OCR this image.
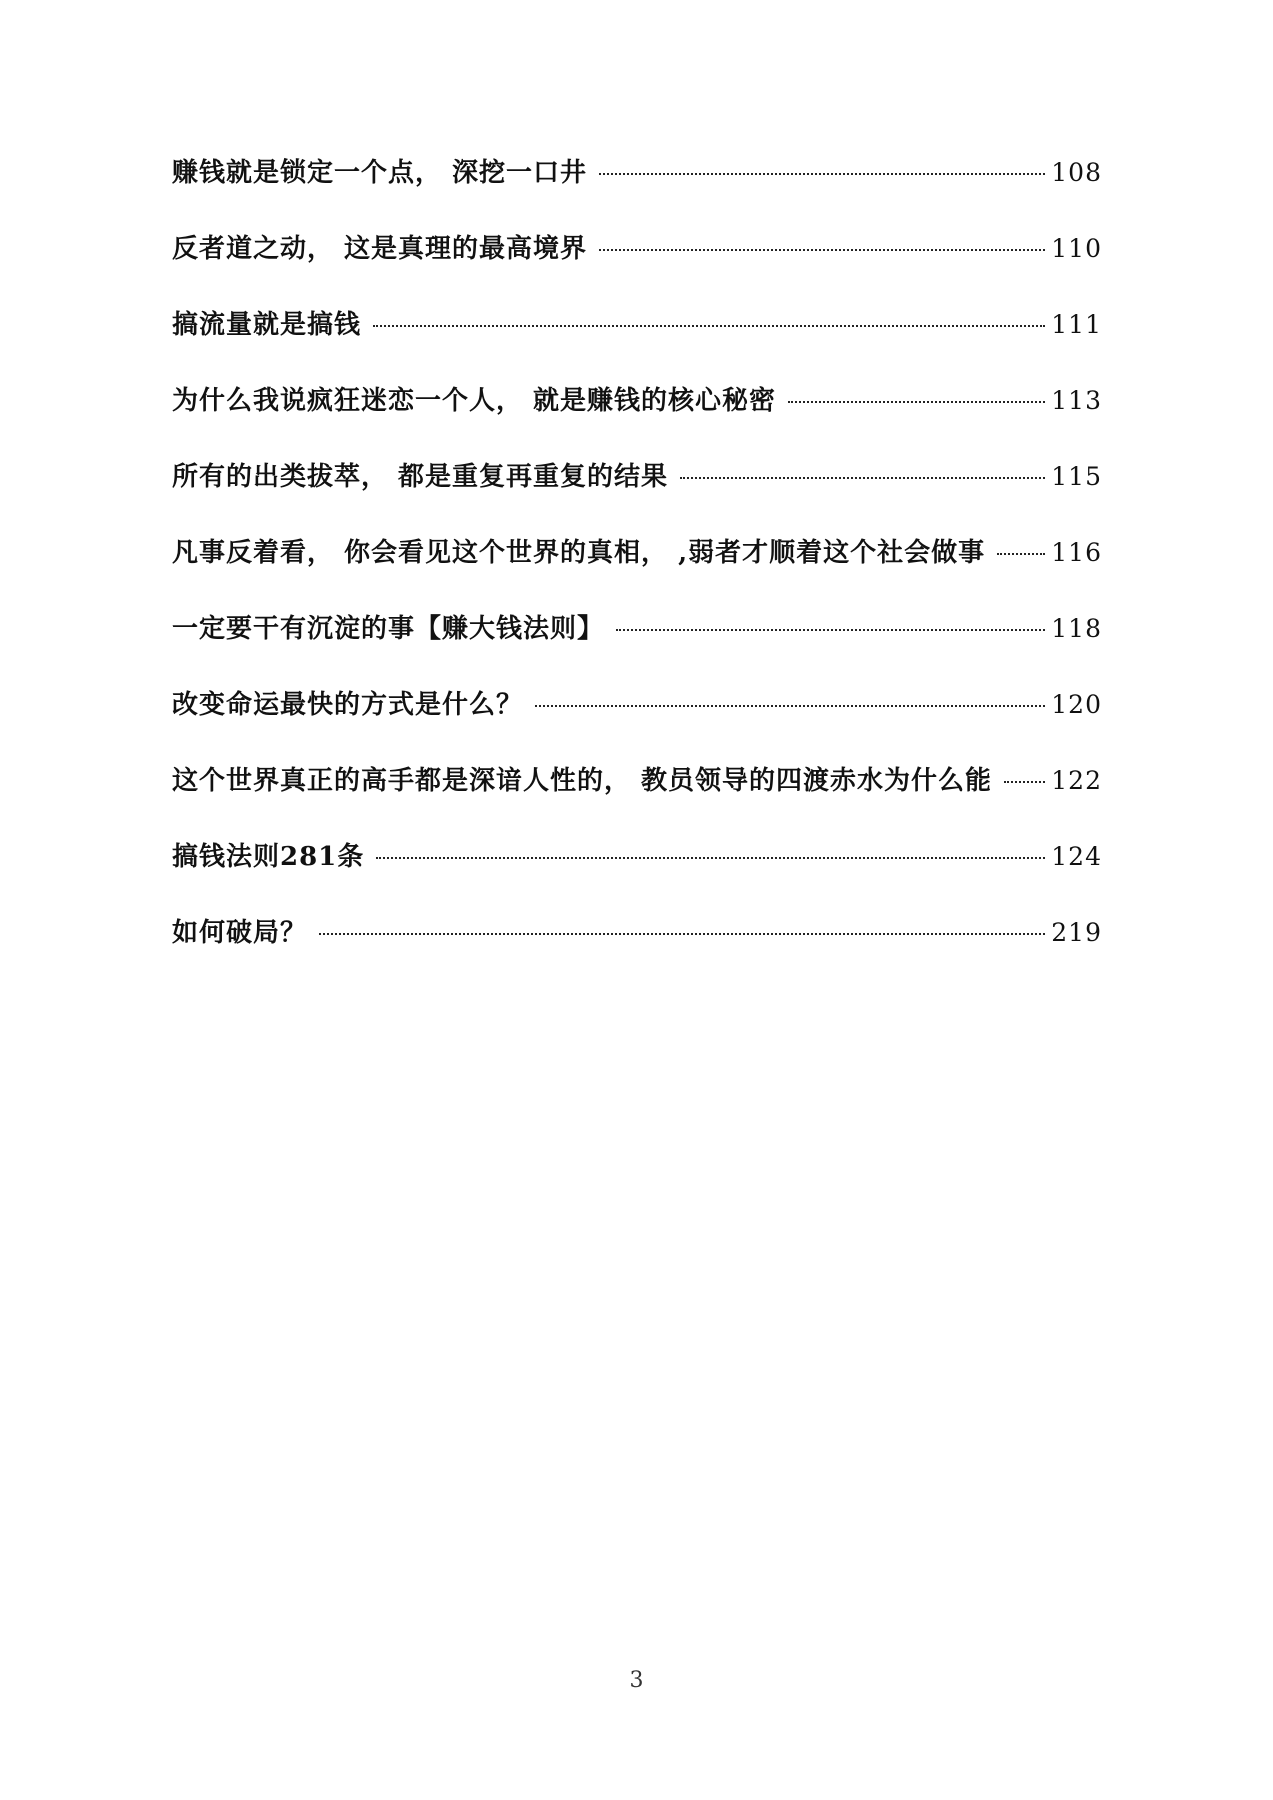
赚钱就是锁定一个点， 深挖一口井	108
反者道之动， 这是真理的最高境界	110
搞流量就是搞钱	111
为什么我说疯狂迷恋一个人， 就是赚钱的核心秘密	113
所有的出类拔萃， 都是重复再重复的结果	115
凡事反着看， 你会看见这个世界的真相， ,弱者才顺着这个社会做事	116
一定要干有沉淀的事【赚大钱法则】	118
改变命运最快的方式是什么？	120
这个世界真正的高手都是深谙人性的， 教员领导的四渡赤水为什么能 122
搞钱法则281条	124
如何破局？	219
3
